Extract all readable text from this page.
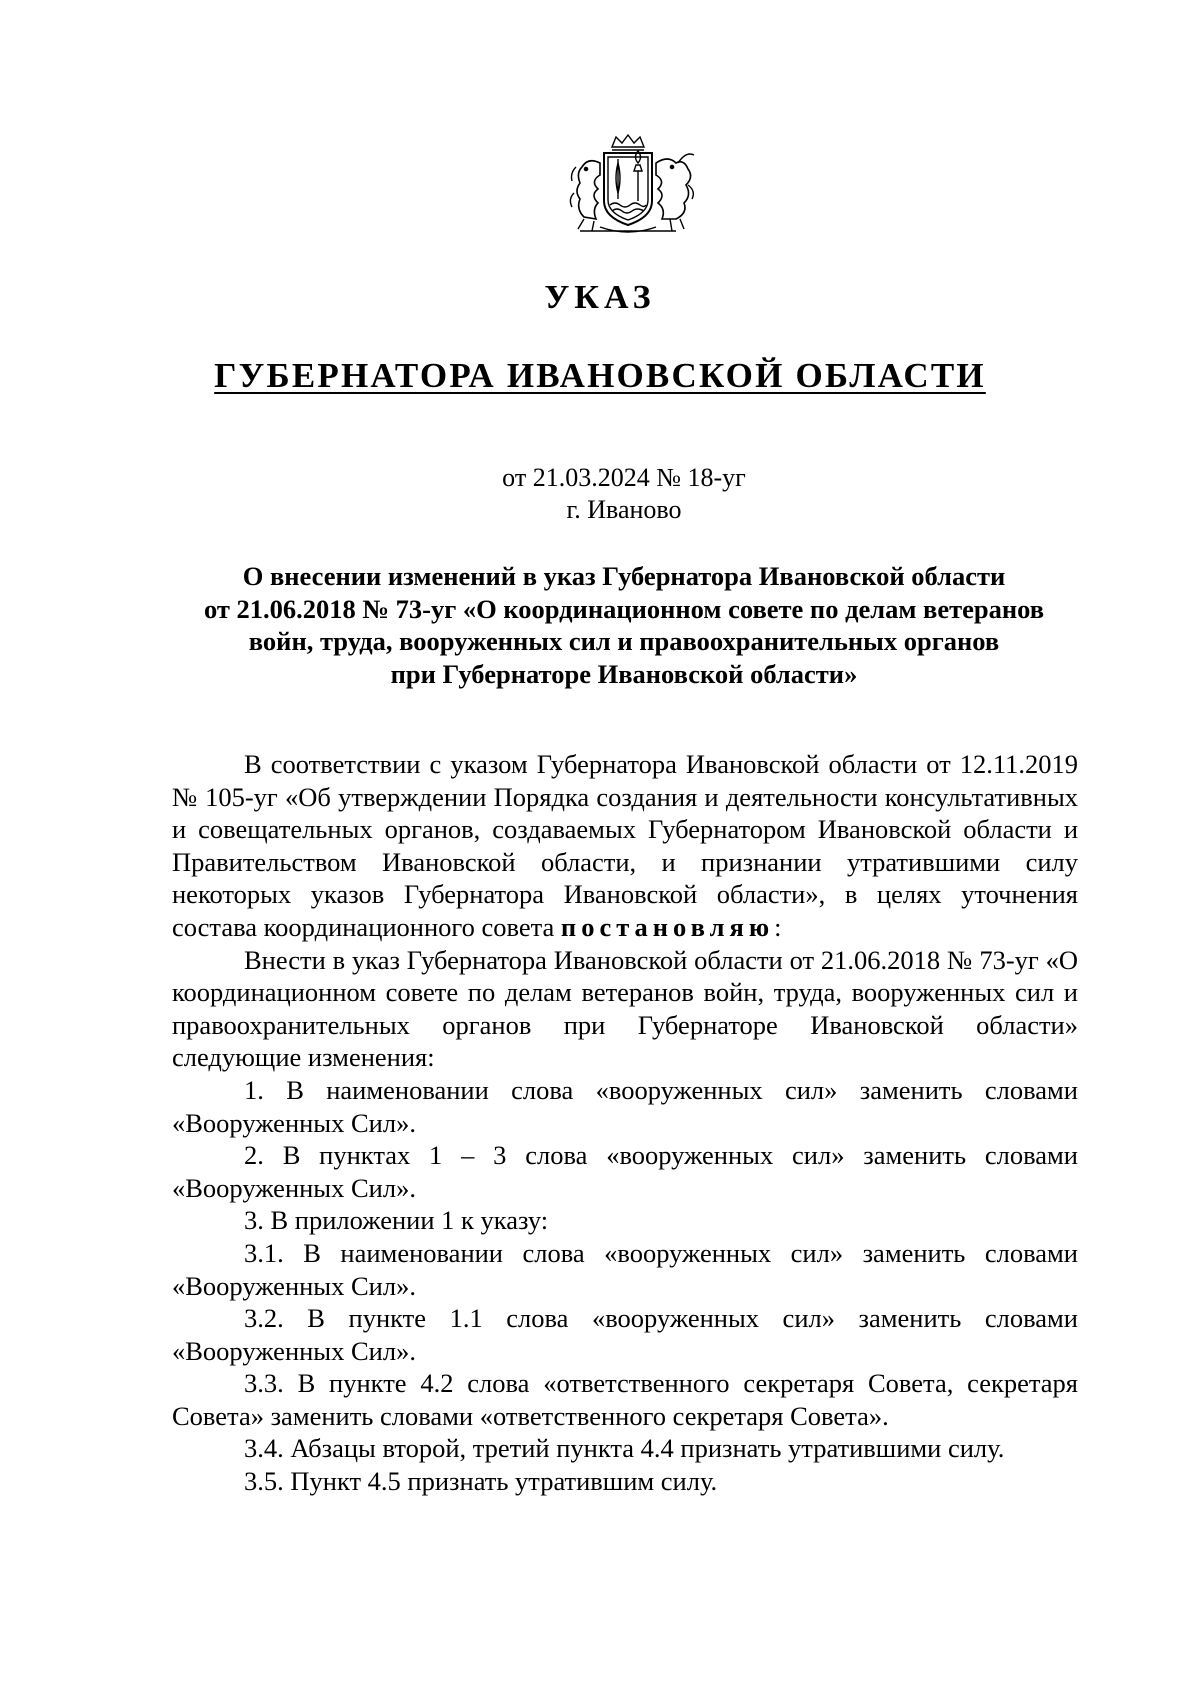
УКАЗ
ГУБЕРНАТОРА ИВАНОВСКОЙ ОБЛАСТИ
от 21.03.2024 № 18-уг
г. Иваново
О внесении изменений в указ Губернатора Ивановской области
от 21.06.2018 № 73-уг «О координационном совете по делам ветеранов
войн, труда, вооруженных сил и правоохранительных органов
при Губернаторе Ивановской области»

В соответствии с указом Губернатора Ивановской области от 12.11.2019 № 105-уг «Об утверждении Порядка создания и деятельности консультативных и совещательных органов, создаваемых Губернатором Ивановской области и Правительством Ивановской области, и признании утратившими силу некоторых указов Губернатора Ивановской области», в целях уточнения состава координационного совета постановляю:

Внести в указ Губернатора Ивановской области от 21.06.2018 № 73-уг «О координационном совете по делам ветеранов войн, труда, вооруженных сил и правоохранительных органов при Губернаторе Ивановской области» следующие изменения:

1. В наименовании слова «вооруженных сил» заменить словами «Вооруженных Сил».

2. В пунктах 1 – 3 слова «вооруженных сил» заменить словами «Вооруженных Сил».

3. В приложении 1 к указу:

3.1. В наименовании слова «вооруженных сил» заменить словами «Вооруженных Сил».

3.2. В пункте 1.1 слова «вооруженных сил» заменить словами «Вооруженных Сил».

3.3. В пункте 4.2 слова «ответственного секретаря Совета, секретаря Совета» заменить словами «ответственного секретаря Совета».

3.4. Абзацы второй, третий пункта 4.4 признать утратившими силу.

3.5. Пункт 4.5 признать утратившим силу.
